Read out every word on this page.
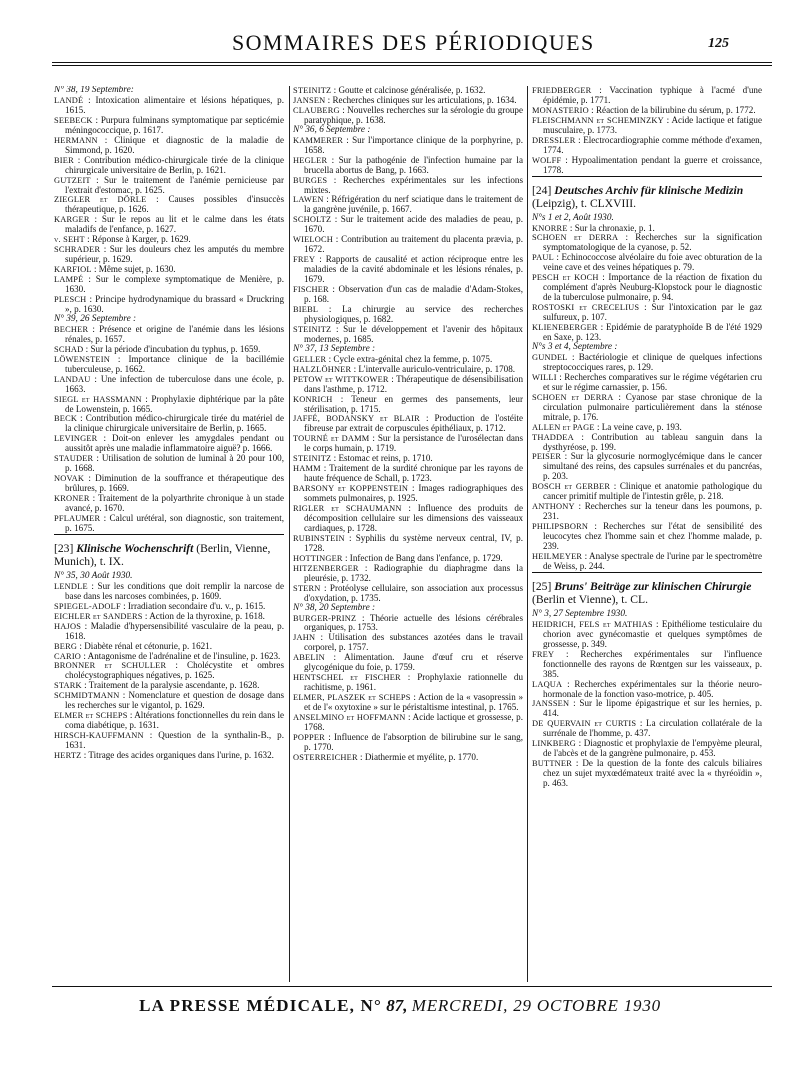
SOMMAIRES DES PÉRIODIQUES	125

N° 38, 19 Septembre:

LANDÉ : Intoxication alimentaire et lésions hépatiques, p. 1615.

SEEBECK : Purpura fulminans symptomatique par septicémie méningococcique, p. 1617.

HERMANN : Clinique et diagnostic de la maladie de Simmond, p. 1620.

BIER : Contribution médico-chirurgicale tirée de la clinique chirurgicale universitaire de Berlin, p. 1621.

GUTZEIT : Sur le traitement de l'anémie pernicieuse par l'extrait d'estomac, p. 1625.

ZIEGLER et DÖRLE : Causes possibles d'insuccès thérapeutique, p. 1626.

KARGER : Sur le repos au lit et le calme dans les états maladifs de l'enfance, p. 1627.

v. SEHT : Réponse à Karger, p. 1629.

SCHRADER : Sur les douleurs chez les amputés du membre supérieur, p. 1629.

KARFIOL : Même sujet, p. 1630.

LAMPÉ : Sur le complexe symptomatique de Menière, p. 1630.

PLESCH : Principe hydrodynamique du brassard « Druckring », p. 1630.

N° 39, 26 Septembre :

BECHER : Présence et origine de l'anémie dans les lésions rénales, p. 1657.

SCHAD : Sur la période d'incubation du typhus, p. 1659.

LÖWENSTEIN : Importance clinique de la bacillémie tuberculeuse, p. 1662.

LANDAU : Une infection de tuberculose dans une école, p. 1663.

SIEGL et HASSMANN : Prophylaxie diphtérique par la pâte de Lowenstein, p. 1665.

BECK : Contribution médico-chirurgicale tirée du matériel de la clinique chirurgicale universitaire de Berlin, p. 1665.

LEVINGER : Doit-on enlever les amygdales pendant ou aussitôt après une maladie inflammatoire aiguë? p. 1666.

STAUDER : Utilisation de solution de luminal à 20 pour 100, p. 1668.

NOVAK : Diminution de la souffrance et thérapeutique des brûlures, p. 1669.

KRONER : Traitement de la polyarthrite chronique à un stade avancé, p. 1670.

PFLAUMER : Calcul urétéral, son diagnostic, son traitement, p. 1675.

[23] Klinische Wochenschrift (Berlin, Vienne, Munich), t. IX.

N° 35, 30 Août 1930.

LENDLE : Sur les conditions que doit remplir la narcose de base dans les narcoses combinées, p. 1609.

SPIEGEL-ADOLF : Irradiation secondaire d'u. v., p. 1615.

EICHLER et SANDERS : Action de la thyroxine, p. 1618.

HAJOS : Maladie d'hypersensibilité vasculaire de la peau, p. 1618.

BERG : Diabète rénal et cétonurie, p. 1621.

CARIO : Antagonisme de l'adrénaline et de l'insuline, p. 1623.

BRONNER et SCHULLER : Cholécystite et ombres cholécystographiques négatives, p. 1625.

STARK : Traitement de la paralysie ascendante, p. 1628.

SCHMIDTMANN : Nomenclature et question de dosage dans les recherches sur le vigantol, p. 1629.

ELMER et SCHEPS : Altérations fonctionnelles du rein dans le coma diabétique, p. 1631.

HIRSCH-KAUFFMANN : Question de la synthalin-B., p. 1631.

HERTZ : Titrage des acides organiques dans l'urine, p. 1632.

STEINITZ : Goutte et calcinose généralisée, p. 1632.

JANSEN : Recherches cliniques sur les articulations, p. 1634.

CLAUBERG : Nouvelles recherches sur la sérologie du groupe paratyphique, p. 1638.

N° 36, 6 Septembre :

KAMMERER : Sur l'importance clinique de la porphyrine, p. 1658.

HEGLER : Sur la pathogénie de l'infection humaine par la brucella abortus de Bang, p. 1663.

BURGES : Recherches expérimentales sur les infections mixtes.

LAWEN : Réfrigération du nerf sciatique dans le traitement de la gangrène juvénile, p. 1667.

SCHOLTZ : Sur le traitement acide des maladies de peau, p. 1670.

WIELOCH : Contribution au traitement du placenta prævia, p. 1672.

FREY : Rapports de causalité et action réciproque entre les maladies de la cavité abdominale et les lésions rénales, p. 1679.

FISCHER : Observation d'un cas de maladie d'Adam-Stokes, p. 168.

BIEBL : La chirurgie au service des recherches physiologiques, p. 1682.

STEINITZ : Sur le développement et l'avenir des hôpitaux modernes, p. 1685.

N° 37, 13 Septembre :

GELLER : Cycle extra-génital chez la femme, p. 1075.

HALZLÖHNER : L'intervalle auriculo-ventriculaire, p. 1708.

PETOW et WITTKOWER : Thérapeutique de désensibilisation dans l'asthme, p. 1712.

KONRICH : Teneur en germes des pansements, leur stérilisation, p. 1715.

JAFFÉ, BODANSKY et BLAIR : Production de l'ostéite fibreuse par extrait de corpuscules épithéliaux, p. 1712.

TOURNÉ et DAMM : Sur la persistance de l'urosélectan dans le corps humain, p. 1719.

STEINITZ : Estomac et reins, p. 1710.

HAMM : Traitement de la surdité chronique par les rayons de haute fréquence de Schall, p. 1723.

BARSONY et KOPPENSTEIN : Images radiographiques des sommets pulmonaires, p. 1925.

RIGLER et SCHAUMANN : Influence des produits de décomposition cellulaire sur les dimensions des vaisseaux cardiaques, p. 1728.

RUBINSTEIN : Syphilis du système nerveux central, IV, p. 1728.

HOTTINGER : Infection de Bang dans l'enfance, p. 1729.

HITZENBERGER : Radiographie du diaphragme dans la pleurésie, p. 1732.

STERN : Protéolyse cellulaire, son association aux processus d'oxydation, p. 1735.

N° 38, 20 Septembre :

BURGER-PRINZ : Théorie actuelle des lésions cérébrales organiques, p. 1753.

JAHN : Utilisation des substances azotées dans le travail corporel, p. 1757.

ABELIN : Alimentation. Jaune d'œuf cru et réserve glycogénique du foie, p. 1759.

HENTSCHEL et FISCHER : Prophylaxie rationnelle du rachitisme, p. 1961.

ELMER, PLASZEK et SCHEPS : Action de la « vasopressin » et de l'« oxytoxine » sur le péristaltisme intestinal, p. 1765.

ANSELMINO et HOFFMANN : Acide lactique et grossesse, p. 1768.

POPPER : Influence de l'absorption de bilirubine sur le sang, p. 1770.

OSTERREICHER : Diathermie et myélite, p. 1770.

FRIEDBERGER : Vaccination typhique à l'acmé d'une épidémie, p. 1771.

MONASTERIO : Réaction de la bilirubine du sérum, p. 1772.

FLEISCHMANN et SCHEMINZKY : Acide lactique et fatigue musculaire, p. 1773.

DRESSLER : Electrocardiographie comme méthode d'examen, 1774.

WOLFF : Hypoalimentation pendant la guerre et croissance, 1778.

[24] Deutsches Archiv für klinische Medizin (Leipzig), t. CLXVIII.

N°s 1 et 2, Août 1930.

KNORRE : Sur la chronaxie, p. 1.

SCHOEN et DERRA : Recherches sur la signification symptomatologique de la cyanose, p. 52.

PAUL : Echinococcose alvéolaire du foie avec obturation de la veine cave et des veines hépatiques p. 79.

PESCH et KOCH : Importance de la réaction de fixation du complément d'après Neuburg-Klopstock pour le diagnostic de la tuberculose pulmonaire, p. 94.

ROSTOSKI et CRECELIUS : Sur l'intoxication par le gaz sulfureux, p. 107.

KLIENEBERGER : Epidémie de paratyphoïde B de l'été 1929 en Saxe, p. 123.

N°s 3 et 4, Septembre :

GUNDEL : Bactériologie et clinique de quelques infections streptococciques rares, p. 129.

WILLI : Recherches comparatives sur le régime végétarien cru et sur le régime carnassier, p. 156.

SCHOEN et DERRA : Cyanose par stase chronique de la circulation pulmonaire particulièrement dans la sténose mitrale, p. 176.

ALLEN et PAGE : La veine cave, p. 193.

THADDEA : Contribution au tableau sanguin dans la dysthyréose, p. 199.

PEISER : Sur la glycosurie normoglycémique dans le cancer simultané des reins, des capsules surrénales et du pancréas, p. 203.

BOSCH et GERBER : Clinique et anatomie pathologique du cancer primitif multiple de l'intestin grêle, p. 218.

ANTHONY : Recherches sur la teneur dans les poumons, p. 231.

PHILIPSBORN : Recherches sur l'état de sensibilité des leucocytes chez l'homme sain et chez l'homme malade, p. 239.

HEILMEYER : Analyse spectrale de l'urine par le spectromètre de Weiss, p. 244.

[25] Bruns' Beiträge zur klinischen Chirurgie (Berlin et Vienne), t. CL.

N° 3, 27 Septembre 1930.

HEIDRICH, FELS et MATHIAS : Epithéliome testiculaire du chorion avec gynécomastie et quelques symptômes de grossesse, p. 349.

FREY : Recherches expérimentales sur l'influence fonctionnelle des rayons de Rœntgen sur les vaisseaux, p. 385.

LAQUA : Recherches expérimentales sur la théorie neuro-hormonale de la fonction vaso-motrice, p. 405.

JANSSEN : Sur le lipome épigastrique et sur les hernies, p. 414.

DE QUERVAIN et CURTIS : La circulation collatérale de la surrénale de l'homme, p. 437.

LINKBERG : Diagnostic et prophylaxie de l'empyème pleural, de l'abcès et de la gangrène pulmonaire, p. 453.

BUTTNER : De la question de la fonte des calculs biliaires chez un sujet myxœdémateux traité avec la « thyréoïdin », p. 463.

LA PRESSE MÉDICALE, N° 87, MERCREDI, 29 OCTOBRE 1930
